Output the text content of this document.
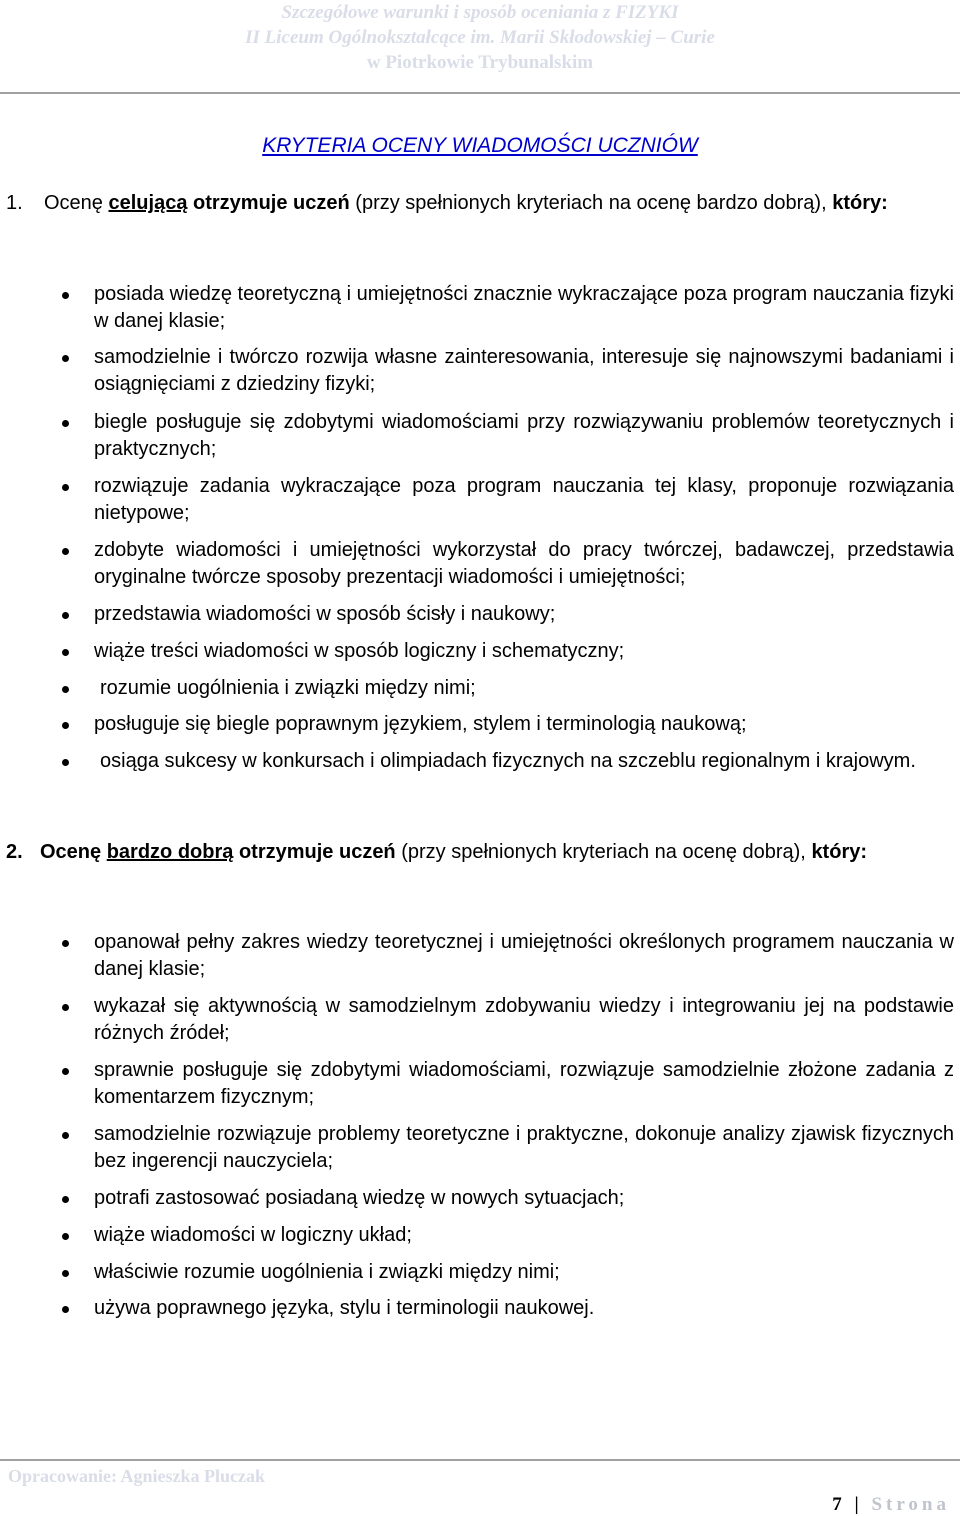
Szczegółowe warunki i sposób oceniania z FIZYKI
II Liceum Ogólnokształcące im. Marii Skłodowskiej – Curie
w Piotrkowie Trybunalskim
KRYTERIA OCENY WIADOMOŚCI UCZNIÓW
1. Ocenę celującą otrzymuje uczeń (przy spełnionych kryteriach na ocenę bardzo dobrą), który:
posiada wiedzę teoretyczną i umiejętności znacznie wykraczające poza program nauczania fizyki w danej klasie;
samodzielnie i twórczo rozwija własne zainteresowania, interesuje się najnowszymi badaniami i osiągnięciami z dziedziny fizyki;
biegle posługuje się zdobytymi wiadomościami przy rozwiązywaniu problemów teoretycznych i praktycznych;
rozwiązuje zadania wykraczające poza program nauczania tej klasy, proponuje rozwiązania nietypowe;
zdobyte wiadomości i umiejętności wykorzystał do pracy twórczej, badawczej, przedstawia oryginalne twórcze sposoby prezentacji wiadomości i umiejętności;
przedstawia wiadomości w sposób ścisły i naukowy;
wiąże treści wiadomości w sposób logiczny i schematyczny;
rozumie uogólnienia i związki między nimi;
posługuje się biegle poprawnym językiem, stylem i terminologią naukową;
osiąga sukcesy w konkursach i olimpiadach fizycznych na szczeblu regionalnym i krajowym.
2. Ocenę bardzo dobrą otrzymuje uczeń (przy spełnionych kryteriach na ocenę dobrą), który:
opanował pełny zakres wiedzy teoretycznej i umiejętności określonych programem nauczania w danej klasie;
wykazał się aktywnością w samodzielnym zdobywaniu wiedzy i integrowaniu jej na podstawie różnych źródeł;
sprawnie posługuje się zdobytymi wiadomościami, rozwiązuje samodzielnie złożone zadania z komentarzem fizycznym;
samodzielnie rozwiązuje problemy teoretyczne i praktyczne, dokonuje analizy zjawisk fizycznych bez ingerencji nauczyciela;
potrafi zastosować posiadaną wiedzę w nowych sytuacjach;
wiąże wiadomości w logiczny układ;
właściwie rozumie uogólnienia i związki między nimi;
używa poprawnego języka, stylu i terminologii naukowej.
Opracowanie: Agnieszka Pluczak
7 | Strona
